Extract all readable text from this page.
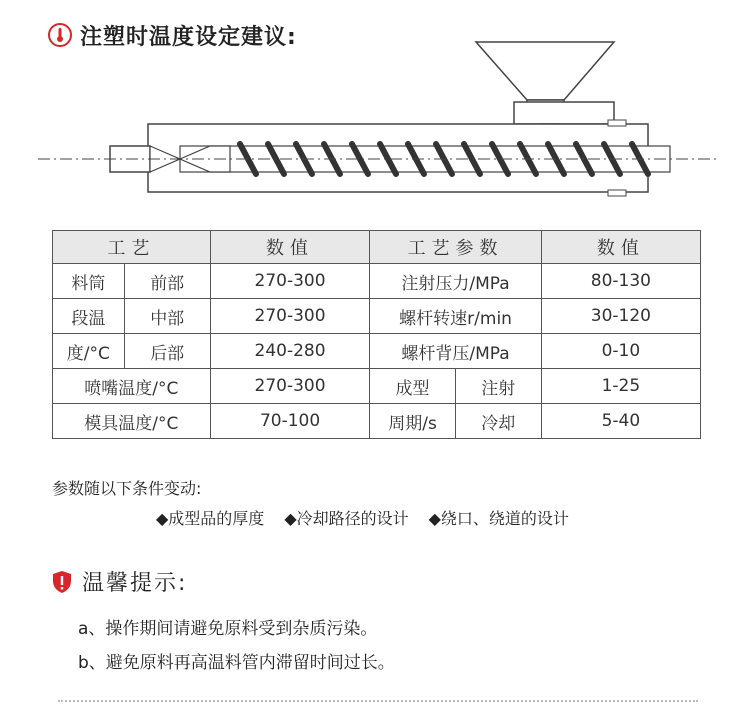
注塑时温度设定建议:
工艺		数值	工艺参数		数值
料筒	前部	270-300	注射压力/MPa		80-130
段温	中部	270-300	螺杆转速r/min		30-120
度/°C	后部	240-280	螺杆背压/MPa		0-10
喷嘴温度/°C		270-300	成型	注射	1-25
模具温度/°C		70-100	周期/s	冷却	5-40
参数随以下条件变动:
◆成型品的厚度 ◆冷却路径的设计 ◆绕口、绕道的设计
温馨提示:
a、操作期间请避免原料受到杂质污染。
b、避免原料再高温料管内滞留时间过长。
